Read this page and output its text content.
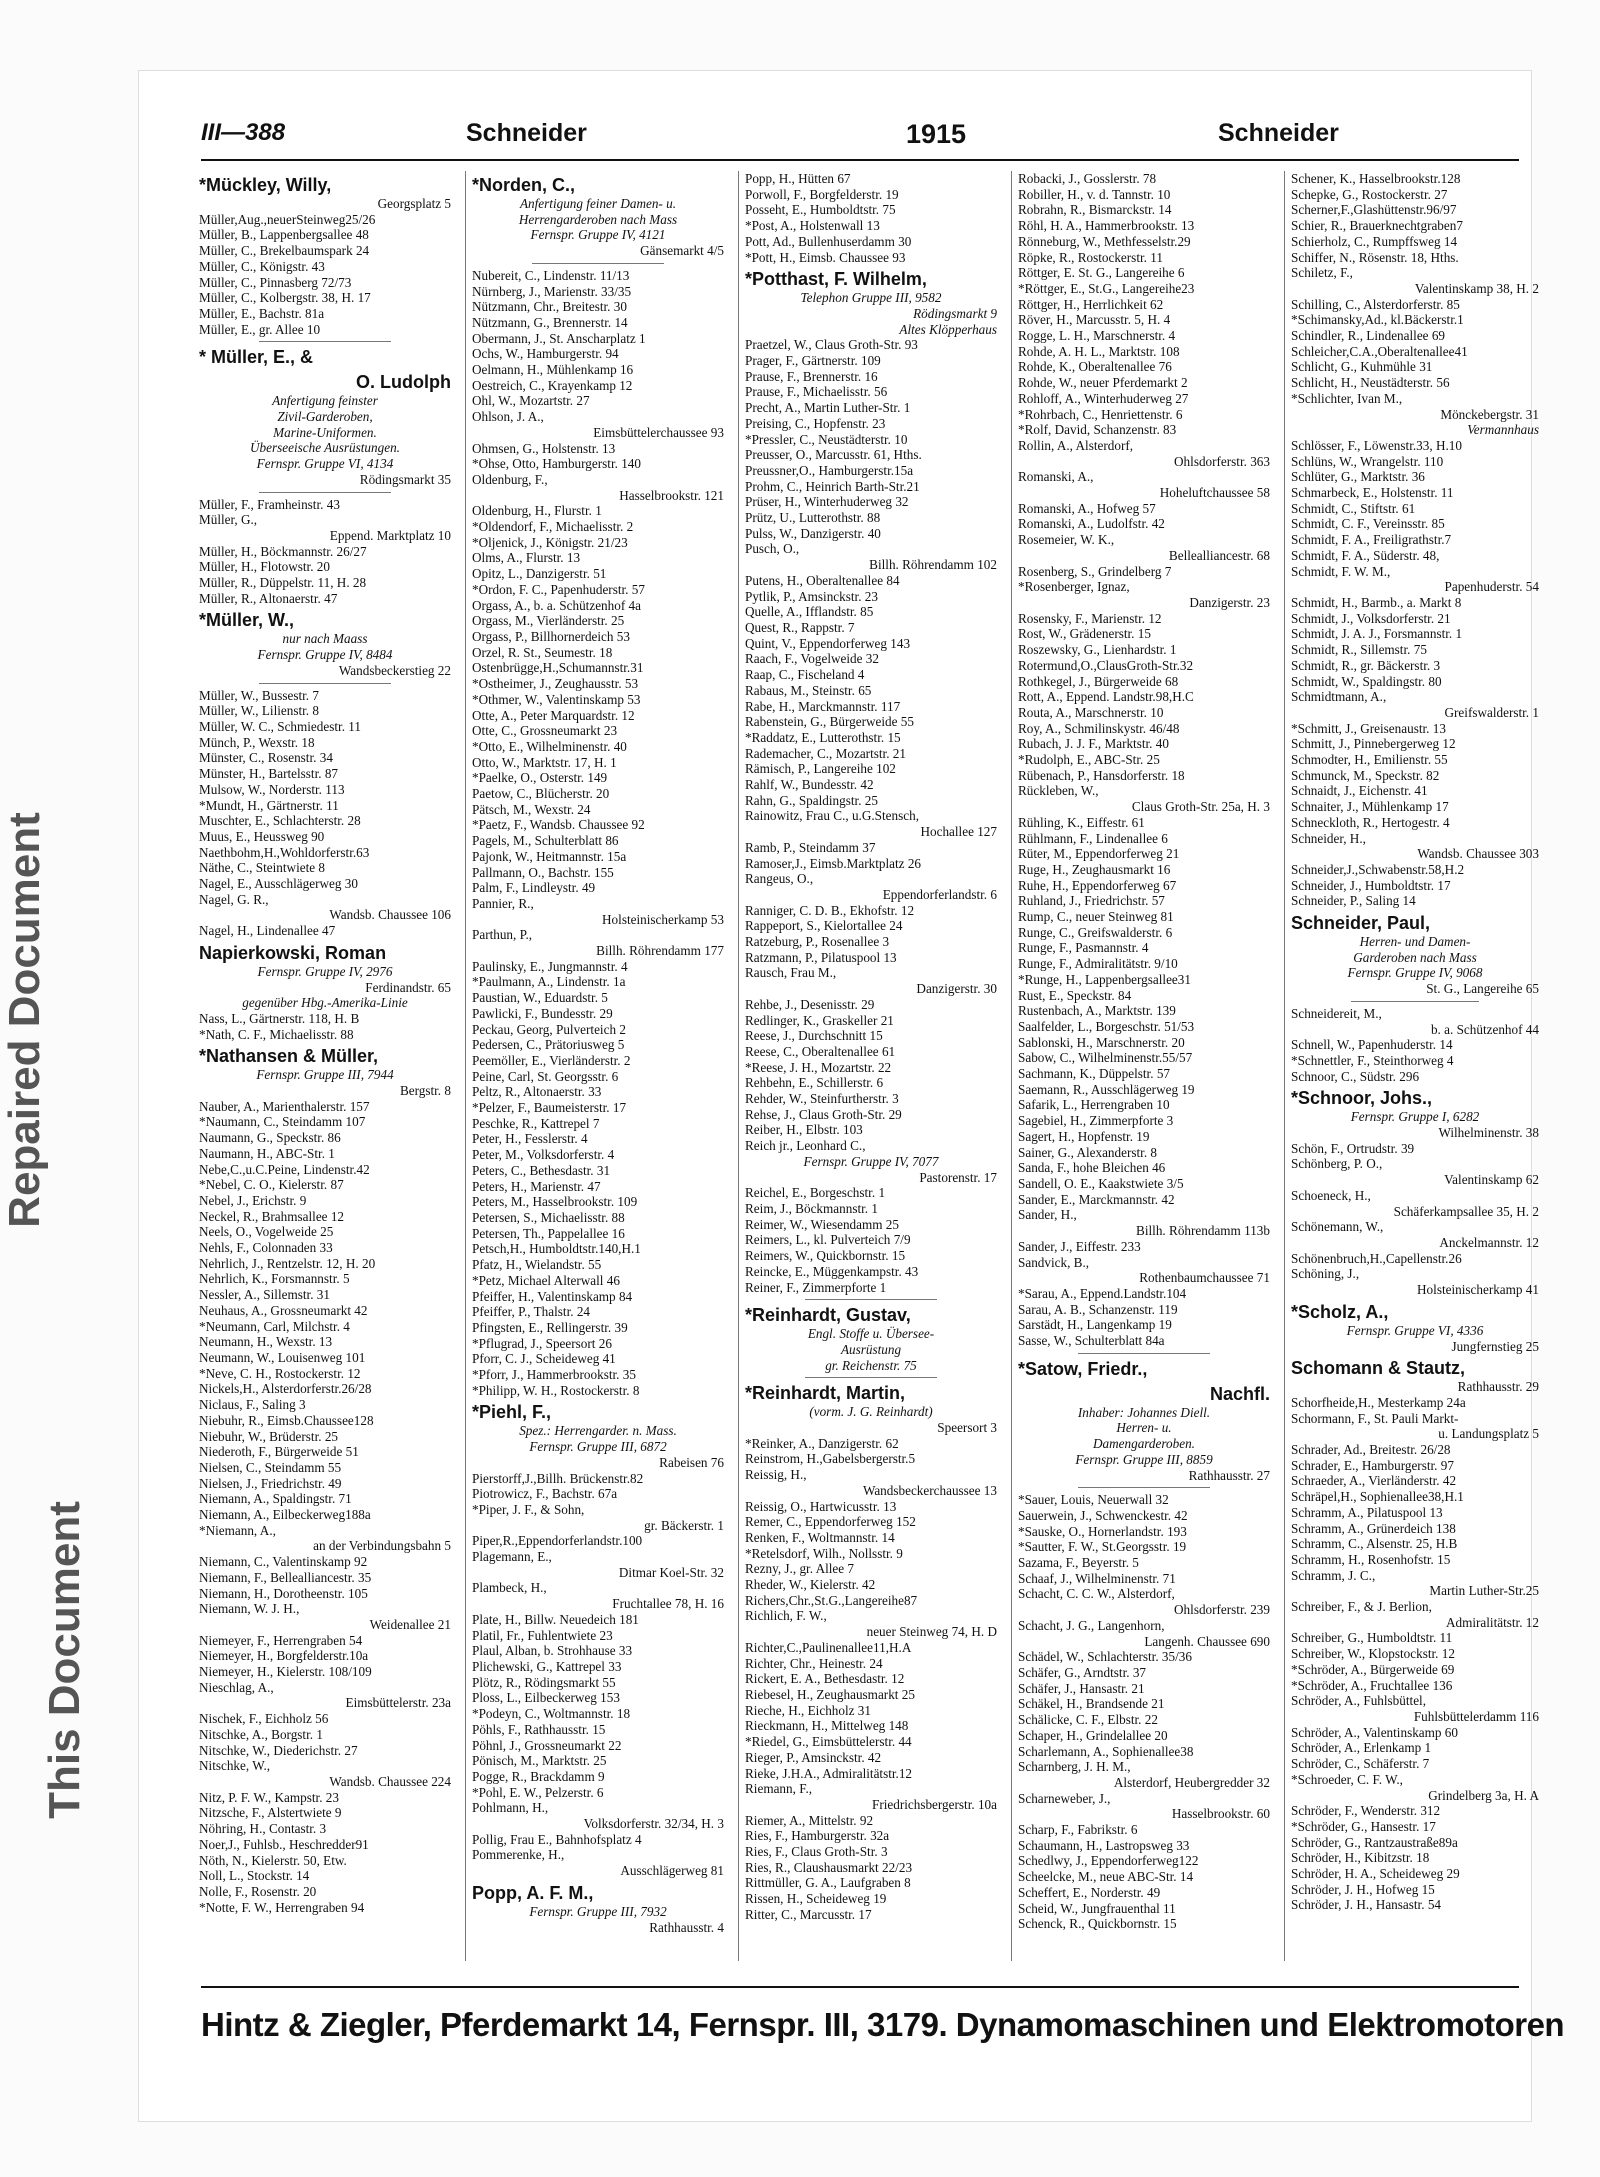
Repaired Document
This Document
III—388	Schneider	1915	Schneider
*Mückley, Willy,
Georgsplatz 5
Müller,Aug.,neuerSteinweg25/26
Müller, B., Lappenbergsallee 48
Müller, C., Brekelbaumspark 24
Müller, C., Königstr. 43
Müller, C., Pinnasberg 72/73
Müller, C., Kolbergstr. 38, H. 17
Müller, E., Bachstr. 81a
Müller, E., gr. Allee 10
* Müller, E., &
O. Ludolph
Anfertigung feinster
Zivil-Garderoben,
Marine-Uniformen.
Überseeische Ausrüstungen.
Fernspr. Gruppe VI, 4134
Rödingsmarkt 35
Müller, F., Framheinstr. 43
Müller, G.,
Eppend. Marktplatz 10
Müller, H., Böckmannstr. 26/27
Müller, H., Flotowstr. 20
Müller, R., Düppelstr. 11, H. 28
Müller, R., Altonaerstr. 47
*Müller, W.,
nur nach Maass
Fernspr. Gruppe IV, 8484
Wandsbeckerstieg 22
Müller, W., Bussestr. 7
Müller, W., Lilienstr. 8
Müller, W. C., Schmiedestr. 11
Münch, P., Wexstr. 18
Münster, C., Rosenstr. 34
Münster, H., Bartelsstr. 87
Mulsow, W., Norderstr. 113
*Mundt, H., Gärtnerstr. 11
Muschter, E., Schlachterstr. 28
Muus, E., Heussweg 90
Naethbohm,H.,Wohldorferstr.63
Näthe, C., Steintwiete 8
Nagel, E., Ausschlägerweg 30
Nagel, G. R.,
Wandsb. Chaussee 106
Nagel, H., Lindenallee 47
Napierkowski, Roman
Fernspr. Gruppe IV, 2976
Ferdinandstr. 65
gegenüber Hbg.-Amerika-Linie
Nass, L., Gärtnerstr. 118, H. B
*Nath, C. F., Michaelisstr. 88
*Nathansen & Müller,
Fernspr. Gruppe III, 7944
Bergstr. 8
Nauber, A., Marienthalerstr. 157
*Naumann, C., Steindamm 107
Naumann, G., Speckstr. 86
Naumann, H., ABC-Str. 1
Nebe,C.,u.C.Peine, Lindenstr.42
*Nebel, C. O., Kielerstr. 87
Nebel, J., Erichstr. 9
Neckel, R., Brahmsallee 12
Neels, O., Vogelweide 25
Nehls, F., Colonnaden 33
Nehrlich, J., Rentzelstr. 12, H. 20
Nehrlich, K., Forsmannstr. 5
Nessler, A., Sillemstr. 31
Neuhaus, A., Grossneumarkt 42
*Neumann, Carl, Milchstr. 4
Neumann, H., Wexstr. 13
Neumann, W., Louisenweg 101
*Neve, C. H., Rostockerstr. 12
Nickels,H., Alsterdorferstr.26/28
Niclaus, F., Saling 3
Niebuhr, R., Eimsb.Chaussee128
Niebuhr, W., Brüderstr. 25
Niederoth, F., Bürgerweide 51
Nielsen, C., Steindamm 55
Nielsen, J., Friedrichstr. 49
Niemann, A., Spaldingstr. 71
Niemann, A., Eilbeckerweg188a
*Niemann, A.,
an der Verbindungsbahn 5
Niemann, C., Valentinskamp 92
Niemann, F., Bellealliancestr. 35
Niemann, H., Dorotheenstr. 105
Niemann, W. J. H.,
Weidenallee 21
Niemeyer, F., Herrengraben 54
Niemeyer, H., Borgfelderstr.10a
Niemeyer, H., Kielerstr. 108/109
Nieschlag, A.,
Eimsbüttelerstr. 23a
Nischek, F., Eichholz 56
Nitschke, A., Borgstr. 1
Nitschke, W., Diederichstr. 27
Nitschke, W.,
Wandsb. Chaussee 224
Nitz, P. F. W., Kampstr. 23
Nitzsche, F., Alstertwiete 9
Nöhring, H., Contastr. 3
Noer,J., Fuhlsb., Heschredder91
Nöth, N., Kielerstr. 50, Etw.
Noll, L., Stockstr. 14
Nolle, F., Rosenstr. 20
*Notte, F. W., Herrengraben 94
*Norden, C.,
Anfertigung feiner Damen- u.
Herrengarderoben nach Mass
Fernspr. Gruppe IV, 4121
Gänsemarkt 4/5
Nubereit, C., Lindenstr. 11/13
Nürnberg, J., Marienstr. 33/35
Nützmann, Chr., Breitestr. 30
Nützmann, G., Brennerstr. 14
Obermann, J., St. Anscharplatz 1
Ochs, W., Hamburgerstr. 94
Oelmann, H., Mühlenkamp 16
Oestreich, C., Krayenkamp 12
Ohl, W., Mozartstr. 27
Ohlson, J. A.,
Eimsbüttelerchaussee 93
Ohmsen, G., Holstenstr. 13
*Ohse, Otto, Hamburgerstr. 140
Oldenburg, F.,
Hasselbrookstr. 121
Oldenburg, H., Flurstr. 1
*Oldendorf, F., Michaelisstr. 2
*Oljenick, J., Königstr. 21/23
Olms, A., Flurstr. 13
Opitz, L., Danzigerstr. 51
*Ordon, F. C., Papenhuderstr. 57
Orgass, A., b. a. Schützenhof 4a
Orgass, M., Vierländerstr. 25
Orgass, P., Billhornerdeich 53
Orzel, R. St., Seumestr. 18
Ostenbrügge,H.,Schumannstr.31
*Ostheimer, J., Zeughausstr. 53
*Othmer, W., Valentinskamp 53
Otte, A., Peter Marquardstr. 12
Otte, C., Grossneumarkt 23
*Otto, E., Wilhelminenstr. 40
Otto, W., Marktstr. 17, H. 1
*Paelke, O., Osterstr. 149
Paetow, C., Blücherstr. 20
Pätsch, M., Wexstr. 24
*Paetz, F., Wandsb. Chaussee 92
Pagels, M., Schulterblatt 86
Pajonk, W., Heitmannstr. 15a
Pallmann, O., Bachstr. 155
Palm, F., Lindleystr. 49
Pannier, R.,
Holsteinischerkamp 53
Parthun, P.,
Billh. Röhrendamm 177
Paulinsky, E., Jungmannstr. 4
*Paulmann, A., Lindenstr. 1a
Paustian, W., Eduardstr. 5
Pawlicki, F., Bundesstr. 29
Peckau, Georg, Pulverteich 2
Pedersen, C., Prätoriusweg 5
Peemöller, E., Vierländerstr. 2
Peine, Carl, St. Georgsstr. 6
Peltz, R., Altonaerstr. 33
*Pelzer, F., Baumeisterstr. 17
Peschke, R., Kattrepel 7
Peter, H., Fesslerstr. 4
Peter, M., Volksdorferstr. 4
Peters, C., Bethesdastr. 31
Peters, H., Marienstr. 47
Peters, M., Hasselbrookstr. 109
Petersen, S., Michaelisstr. 88
Petersen, Th., Pappelallee 16
Petsch,H., Humboldtstr.140,H.1
Pfatz, H., Wielandstr. 55
*Petz, Michael Alterwall 46
Pfeiffer, H., Valentinskamp 84
Pfeiffer, P., Thalstr. 24
Pfingsten, E., Rellingerstr. 39
*Pflugrad, J., Speersort 26
Pforr, C. J., Scheideweg 41
*Pforr, J., Hammerbrookstr. 35
*Philipp, W. H., Rostockerstr. 8
*Piehl, F.,
Spez.: Herrengarder. n. Mass.
Fernspr. Gruppe III, 6872
Rabeisen 76
Pierstorff,J.,Billh. Brückenstr.82
Piotrowicz, F., Bachstr. 67a
*Piper, J. F., & Sohn,
gr. Bäckerstr. 1
Piper,R.,Eppendorferlandstr.100
Plagemann, E.,
Ditmar Koel-Str. 32
Plambeck, H.,
Fruchtallee 78, H. 16
Plate, H., Billw. Neuedeich 181
Platil, Fr., Fuhlentwiete 23
Plaul, Alban, b. Strohhause 33
Plichewski, G., Kattrepel 33
Plötz, R., Rödingsmarkt 55
Ploss, L., Eilbeckerweg 153
*Podeyn, C., Woltmannstr. 18
Pöhls, F., Rathhausstr. 15
Pöhnl, J., Grossneumarkt 22
Pönisch, M., Marktstr. 25
Pogge, R., Brackdamm 9
*Pohl, E. W., Pelzerstr. 6
Pohlmann, H.,
Volksdorferstr. 32/34, H. 3
Pollig, Frau E., Bahnhofsplatz 4
Pommerenke, H.,
Ausschlägerweg 81
Popp, A. F. M.,
Fernspr. Gruppe III, 7932
Rathhausstr. 4
Popp, H., Hütten 67
Porwoll, F., Borgfelderstr. 19
Posseht, E., Humboldtstr. 75
*Post, A., Holstenwall 13
Pott, Ad., Bullenhuserdamm 30
*Pott, H., Eimsb. Chaussee 93
*Potthast, F. Wilhelm,
Telephon Gruppe III, 9582
Rödingsmarkt 9
Altes Klöpperhaus
Praetzel, W., Claus Groth-Str. 93
Prager, F., Gärtnerstr. 109
Prause, F., Brennerstr. 16
Prause, F., Michaelisstr. 56
Precht, A., Martin Luther-Str. 1
Preising, C., Hopfenstr. 23
*Pressler, C., Neustädterstr. 10
Preusser, O., Marcusstr. 61, Hths.
Preussner,O., Hamburgerstr.15a
Prohm, C., Heinrich Barth-Str.21
Prüser, H., Winterhuderweg 32
Prütz, U., Lutterothstr. 88
Pulss, W., Danzigerstr. 40
Pusch, O.,
Billh. Röhrendamm 102
Putens, H., Oberaltenallee 84
Pytlik, P., Amsinckstr. 23
Quelle, A., Ifflandstr. 85
Quest, R., Rappstr. 7
Quint, V., Eppendorferweg 143
Raach, F., Vogelweide 32
Raap, C., Fischeland 4
Rabaus, M., Steinstr. 65
Rabe, H., Marckmannstr. 117
Rabenstein, G., Bürgerweide 55
*Raddatz, E., Lutterothstr. 15
Rademacher, C., Mozartstr. 21
Rämisch, P., Langereihe 102
Rahlf, W., Bundesstr. 42
Rahn, G., Spaldingstr. 25
Rainowitz, Frau C., u.G.Stensch,
Hochallee 127
Ramb, P., Steindamm 37
Ramoser,J., Eimsb.Marktplatz 26
Rangeus, O.,
Eppendorferlandstr. 6
Ranniger, C. D. B., Ekhofstr. 12
Rappeport, S., Kielortallee 24
Ratzeburg, P., Rosenallee 3
Ratzmann, P., Pilatuspool 13
Rausch, Frau M.,
Danzigerstr. 30
Rehbe, J., Desenisstr. 29
Redlinger, K., Graskeller 21
Reese, J., Durchschnitt 15
Reese, C., Oberaltenallee 61
*Reese, J. H., Mozartstr. 22
Rehbehn, E., Schillerstr. 6
Rehder, W., Steinfurtherstr. 3
Rehse, J., Claus Groth-Str. 29
Reiber, H., Elbstr. 103
Reich jr., Leonhard C.,
Fernspr. Gruppe IV, 7077
Pastorenstr. 17
Reichel, E., Borgeschstr. 1
Reim, J., Böckmannstr. 1
Reimer, W., Wiesendamm 25
Reimers, L., kl. Pulverteich 7/9
Reimers, W., Quickbornstr. 15
Reincke, E., Müggenkampstr. 43
Reiner, F., Zimmerpforte 1
*Reinhardt, Gustav,
Engl. Stoffe u. Übersee-
Ausrüstung
gr. Reichenstr. 75
*Reinhardt, Martin,
(vorm. J. G. Reinhardt)
Speersort 3
*Reinker, A., Danzigerstr. 62
Reinstrom, H.,Gabelsbergerstr.5
Reissig, H.,
Wandsbeckerchaussee 13
Reissig, O., Hartwicusstr. 13
Remer, C., Eppendorferweg 152
Renken, F., Woltmannstr. 14
*Retelsdorf, Wilh., Nollsstr. 9
Rezny, J., gr. Allee 7
Rheder, W., Kielerstr. 42
Richers,Chr.,St.G.,Langereihe87
Richlich, F. W.,
neuer Steinweg 74, H. D
Richter,C.,Paulinenallee11,H.A
Richter, Chr., Heinestr. 24
Rickert, E. A., Bethesdastr. 12
Riebesel, H., Zeughausmarkt 25
Rieche, H., Eichholz 31
Rieckmann, H., Mittelweg 148
*Riedel, G., Eimsbüttelerstr. 44
Rieger, P., Amsinckstr. 42
Rieke, J.H.A., Admiralitätstr.12
Riemann, F.,
Friedrichsbergerstr. 10a
Riemer, A., Mittelstr. 92
Ries, F., Hamburgerstr. 32a
Ries, F., Claus Groth-Str. 3
Ries, R., Claushausmarkt 22/23
Rittmüller, G. A., Laufgraben 8
Rissen, H., Scheideweg 19
Ritter, C., Marcusstr. 17
Robacki, J., Gosslerstr. 78
Robiller, H., v. d. Tannstr. 10
Robrahn, R., Bismarckstr. 14
Röhl, H. A., Hammerbrookstr. 13
Rönneburg, W., Methfesselstr.29
Röpke, R., Rostockerstr. 11
Röttger, E. St. G., Langereihe 6
*Röttger, E., St.G., Langereihe23
Röttger, H., Herrlichkeit 62
Röver, H., Marcusstr. 5, H. 4
Rogge, L. H., Marschnerstr. 4
Rohde, A. H. L., Marktstr. 108
Rohde, K., Oberaltenallee 76
Rohde, W., neuer Pferdemarkt 2
Rohloff, A., Winterhuderweg 27
*Rohrbach, C., Henriettenstr. 6
*Rolf, David, Schanzenstr. 83
Rollin, A., Alsterdorf,
Ohlsdorferstr. 363
Romanski, A.,
Hoheluftchaussee 58
Romanski, A., Hofweg 57
Romanski, A., Ludolfstr. 42
Rosemeier, W. K.,
Bellealliancestr. 68
Rosenberg, S., Grindelberg 7
*Rosenberger, Ignaz,
Danzigerstr. 23
Rosensky, F., Marienstr. 12
Rost, W., Grädenerstr. 15
Roszewsky, G., Lienhardstr. 1
Rotermund,O.,ClausGroth-Str.32
Rothkegel, J., Bürgerweide 68
Rott, A., Eppend. Landstr.98,H.C
Routa, A., Marschnerstr. 10
Roy, A., Schmilinskystr. 46/48
Rubach, J. J. F., Marktstr. 40
*Rudolph, E., ABC-Str. 25
Rübenach, P., Hansdorferstr. 18
Rückleben, W.,
Claus Groth-Str. 25a, H. 3
Rühling, K., Eiffestr. 61
Rühlmann, F., Lindenallee 6
Rüter, M., Eppendorferweg 21
Ruge, H., Zeughausmarkt 16
Ruhe, H., Eppendorferweg 67
Ruhland, J., Friedrichstr. 57
Rump, C., neuer Steinweg 81
Runge, C., Greifswalderstr. 6
Runge, F., Pasmannstr. 4
Runge, F., Admiralitätstr. 9/10
*Runge, H., Lappenbergsallee31
Rust, E., Speckstr. 84
Rustenbach, A., Marktstr. 139
Saalfelder, L., Borgeschstr. 51/53
Sablonski, H., Marschnerstr. 20
Sabow, C., Wilhelminenstr.55/57
Sachmann, K., Düppelstr. 57
Saemann, R., Ausschlägerweg 19
Safarik, L., Herrengraben 10
Sagebiel, H., Zimmerpforte 3
Sagert, H., Hopfenstr. 19
Sainer, G., Alexanderstr. 8
Sanda, F., hohe Bleichen 46
Sandell, O. E., Kaakstwiete 3/5
Sander, E., Marckmannstr. 42
Sander, H.,
Billh. Röhrendamm 113b
Sander, J., Eiffestr. 233
Sandvick, B.,
Rothenbaumchaussee 71
*Sarau, A., Eppend.Landstr.104
Sarau, A. B., Schanzenstr. 119
Sarstädt, H., Langenkamp 19
Sasse, W., Schulterblatt 84a
*Satow, Friedr.,
Nachfl.
Inhaber: Johannes Diell.
Herren- u.
Damengarderoben.
Fernspr. Gruppe III, 8859
Rathhausstr. 27
*Sauer, Louis, Neuerwall 32
Sauerwein, J., Schwenckestr. 42
*Sauske, O., Hornerlandstr. 193
*Sautter, F. W., St.Georgsstr. 19
Sazama, F., Beyerstr. 5
Schaaf, J., Wilhelminenstr. 71
Schacht, C. C. W., Alsterdorf,
Ohlsdorferstr. 239
Schacht, J. G., Langenhorn,
Langenh. Chaussee 690
Schädel, W., Schlachterstr. 35/36
Schäfer, G., Arndtstr. 37
Schäfer, J., Hansastr. 21
Schäkel, H., Brandsende 21
Schälicke, C. F., Elbstr. 22
Schaper, H., Grindelallee 20
Scharlemann, A., Sophienallee38
Scharnberg, J. H. M.,
Alsterdorf, Heubergredder 32
Scharneweber, J.,
Hasselbrookstr. 60
Scharp, F., Fabrikstr. 6
Schaumann, H., Lastropsweg 33
Schedlwy, J., Eppendorferweg122
Scheelcke, M., neue ABC-Str. 14
Scheffert, E., Norderstr. 49
Scheid, W., Jungfrauenthal 11
Schenck, R., Quickbornstr. 15
Schener, K., Hasselbrookstr.128
Schepke, G., Rostockerstr. 27
Scherner,F.,Glashüttenstr.96/97
Schier, R., Brauerknechtgraben7
Schierholz, C., Rumpffsweg 14
Schiffer, N., Rösenstr. 18, Hths.
Schiletz, F.,
Valentinskamp 38, H. 2
Schilling, C., Alsterdorferstr. 85
*Schimansky,Ad., kl.Bäckerstr.1
Schindler, R., Lindenallee 69
Schleicher,C.A.,Oberaltenallee41
Schlicht, G., Kuhmühle 31
Schlicht, H., Neustädterstr. 56
*Schlichter, Ivan M.,
Mönckebergstr. 31
Vermannhaus
Schlösser, F., Löwenstr.33, H.10
Schlüns, W., Wrangelstr. 110
Schlüter, G., Marktstr. 36
Schmarbeck, E., Holstenstr. 11
Schmidt, C., Stiftstr. 61
Schmidt, C. F., Vereinsstr. 85
Schmidt, F. A., Freiligrathstr.7
Schmidt, F. A., Süderstr. 48,
Schmidt, F. W. M.,
Papenhuderstr. 54
Schmidt, H., Barmb., a. Markt 8
Schmidt, J., Volksdorferstr. 21
Schmidt, J. A. J., Forsmannstr. 1
Schmidt, R., Sillemstr. 75
Schmidt, R., gr. Bäckerstr. 3
Schmidt, W., Spaldingstr. 80
Schmidtmann, A.,
Greifswalderstr. 1
*Schmitt, J., Greisenaustr. 13
Schmitt, J., Pinnebergerweg 12
Schmodter, H., Emilienstr. 55
Schmunck, M., Speckstr. 82
Schnaidt, J., Eichenstr. 41
Schnaiter, J., Mühlenkamp 17
Schneckloth, R., Hertogestr. 4
Schneider, H.,
Wandsb. Chaussee 303
Schneider,J.,Schwabenstr.58,H.2
Schneider, J., Humboldtstr. 17
Schneider, P., Saling 14
Schneider, Paul,
Herren- und Damen-
Garderoben nach Mass
Fernspr. Gruppe IV, 9068
St. G., Langereihe 65
Schneidereit, M.,
b. a. Schützenhof 44
Schnell, W., Papenhuderstr. 14
*Schnettler, F., Steinthorweg 4
Schnoor, C., Südstr. 296
*Schnoor, Johs.,
Fernspr. Gruppe I, 6282
Wilhelminenstr. 38
Schön, F., Ortrudstr. 39
Schönberg, P. O.,
Valentinskamp 62
Schoeneck, H.,
Schäferkampsallee 35, H. 2
Schönemann, W.,
Anckelmannstr. 12
Schönenbruch,H.,Capellenstr.26
Schöning, J.,
Holsteinischerkamp 41
*Scholz, A.,
Fernspr. Gruppe VI, 4336
Jungfernstieg 25
Schomann & Stautz,
Rathhausstr. 29
Schorfheide,H., Mesterkamp 24a
Schormann, F., St. Pauli Markt-
u. Landungsplatz 5
Schrader, Ad., Breitestr. 26/28
Schrader, E., Hamburgerstr. 97
Schraeder, A., Vierländerstr. 42
Schräpel,H., Sophienallee38,H.1
Schramm, A., Pilatuspool 13
Schramm, A., Grünerdeich 138
Schramm, C., Alsenstr. 25, H.B
Schramm, H., Rosenhofstr. 15
Schramm, J. C.,
Martin Luther-Str.25
Schreiber, F., & J. Berlion,
Admiralitätstr. 12
Schreiber, G., Humboldtstr. 11
Schreiber, W., Klopstockstr. 12
*Schröder, A., Bürgerweide 69
*Schröder, A., Fruchtallee 136
Schröder, A., Fuhlsbüttel,
Fuhlsbüttelerdamm 116
Schröder, A., Valentinskamp 60
Schröder, A., Erlenkamp 1
Schröder, C., Schäferstr. 7
*Schroeder, C. F. W.,
Grindelberg 3a, H. A
Schröder, F., Wenderstr. 312
*Schröder, G., Hansestr. 17
Schröder, G., Rantzaustraße89a
Schröder, H., Kibitzstr. 18
Schröder, H. A., Scheideweg 29
Schröder, J. H., Hofweg 15
Schröder, J. H., Hansastr. 54
Hintz & Ziegler, Pferdemarkt 14, Fernspr. III, 3179. Dynamomaschinen und Elektromotoren
